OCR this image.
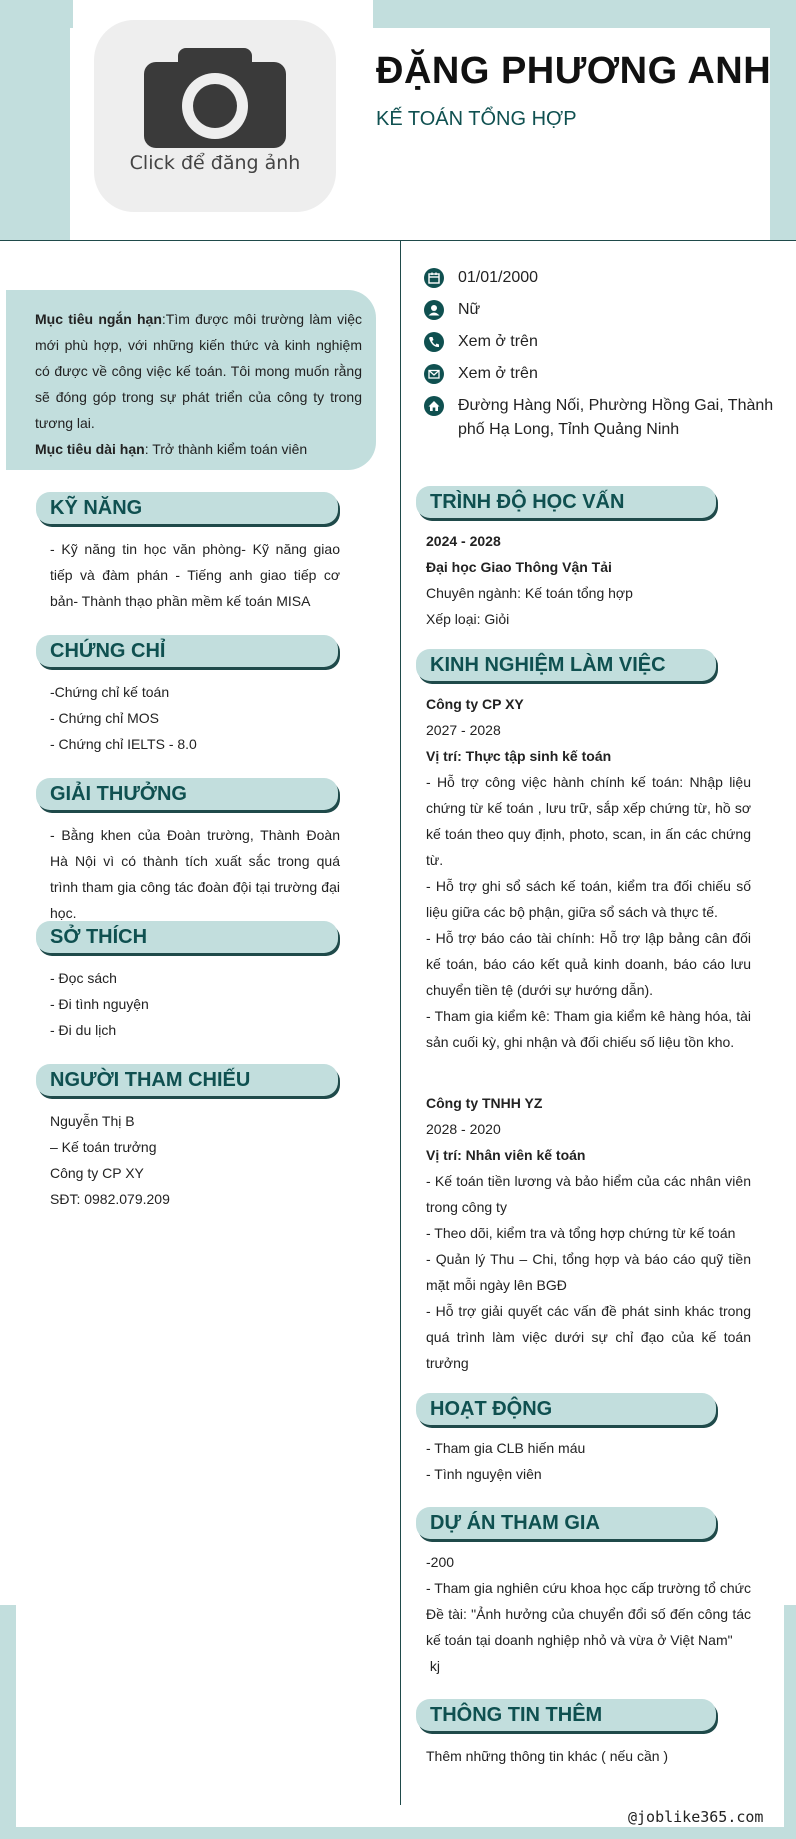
Click để đăng ảnh
ĐẶNG PHƯƠNG ANH
KẾ TOÁN TỔNG HỢP
01/01/2000
Nữ
Xem ở trên
Xem ở trên
Đường Hàng Nối, Phường Hồng Gai, Thành phố Hạ Long, Tỉnh Quảng Ninh
Mục tiêu ngắn hạn:Tìm được môi trường làm việc mới phù hợp, với những kiến thức và kinh nghiệm có được về công việc kế toán. Tôi mong muốn rằng sẽ đóng góp trong sự phát triển của công ty trong tương lai.
Mục tiêu dài hạn: Trở thành kiểm toán viên
KỸ NĂNG
- Kỹ năng tin học văn phòng- Kỹ năng giao tiếp và đàm phán - Tiếng anh giao tiếp cơ bản- Thành thạo phần mềm kế toán MISA
CHỨNG CHỈ
-Chứng chỉ kế toán
- Chứng chỉ MOS
- Chứng chỉ IELTS - 8.0
GIẢI THƯỞNG
- Bằng khen của Đoàn trường, Thành Đoàn Hà Nội vì có thành tích xuất sắc trong quá trình tham gia công tác đoàn đội tại trường đại học.
SỞ THÍCH
- Đọc sách
- Đi tình nguyện
- Đi du lịch
NGƯỜI THAM CHIẾU
Nguyễn Thị B
– Kế toán trưởng
Công ty CP XY
SĐT: 0982.079.209
TRÌNH ĐỘ HỌC VẤN
2024 - 2028
Đại học Giao Thông Vận Tải
Chuyên ngành: Kế toán tổng hợp
Xếp loại: Giỏi
KINH NGHIỆM LÀM VIỆC
Công ty CP XY
2027 - 2028
Vị trí: Thực tập sinh kế toán
- Hỗ trợ công việc hành chính kế toán: Nhập liệu chứng từ kế toán , lưu trữ, sắp xếp chứng từ, hồ sơ kế toán theo quy định, photo, scan, in ấn các chứng từ.
- Hỗ trợ ghi sổ sách kế toán, kiểm tra đối chiếu số liệu giữa các bộ phận, giữa sổ sách và thực tế.
- Hỗ trợ báo cáo tài chính: Hỗ trợ lập bảng cân đối kế toán, báo cáo kết quả kinh doanh, báo cáo lưu chuyển tiền tệ (dưới sự hướng dẫn).
- Tham gia kiểm kê: Tham gia kiểm kê hàng hóa, tài sản cuối kỳ, ghi nhận và đối chiếu số liệu tồn kho.
Công ty TNHH YZ
2028 - 2020
Vị trí: Nhân viên kế toán
- Kế toán tiền lương và bảo hiểm của các nhân viên trong công ty
- Theo dõi, kiểm tra và tổng hợp chứng từ kế toán
- Quản lý Thu – Chi, tổng hợp và báo cáo quỹ tiền mặt mỗi ngày lên BGĐ
- Hỗ trợ giải quyết các vấn đề phát sinh khác trong quá trình làm việc dưới sự chỉ đạo của kế toán trưởng
HOẠT ĐỘNG
- Tham gia CLB hiến máu
- Tình nguyện viên
DỰ ÁN THAM GIA
-200
- Tham gia nghiên cứu khoa học cấp trường tổ chức Đề tài: "Ảnh hưởng của chuyển đổi số đến công tác kế toán tại doanh nghiệp nhỏ và vừa ở Việt Nam"
kj
THÔNG TIN THÊM
Thêm những thông tin khác ( nếu cần )
@joblike365.com
